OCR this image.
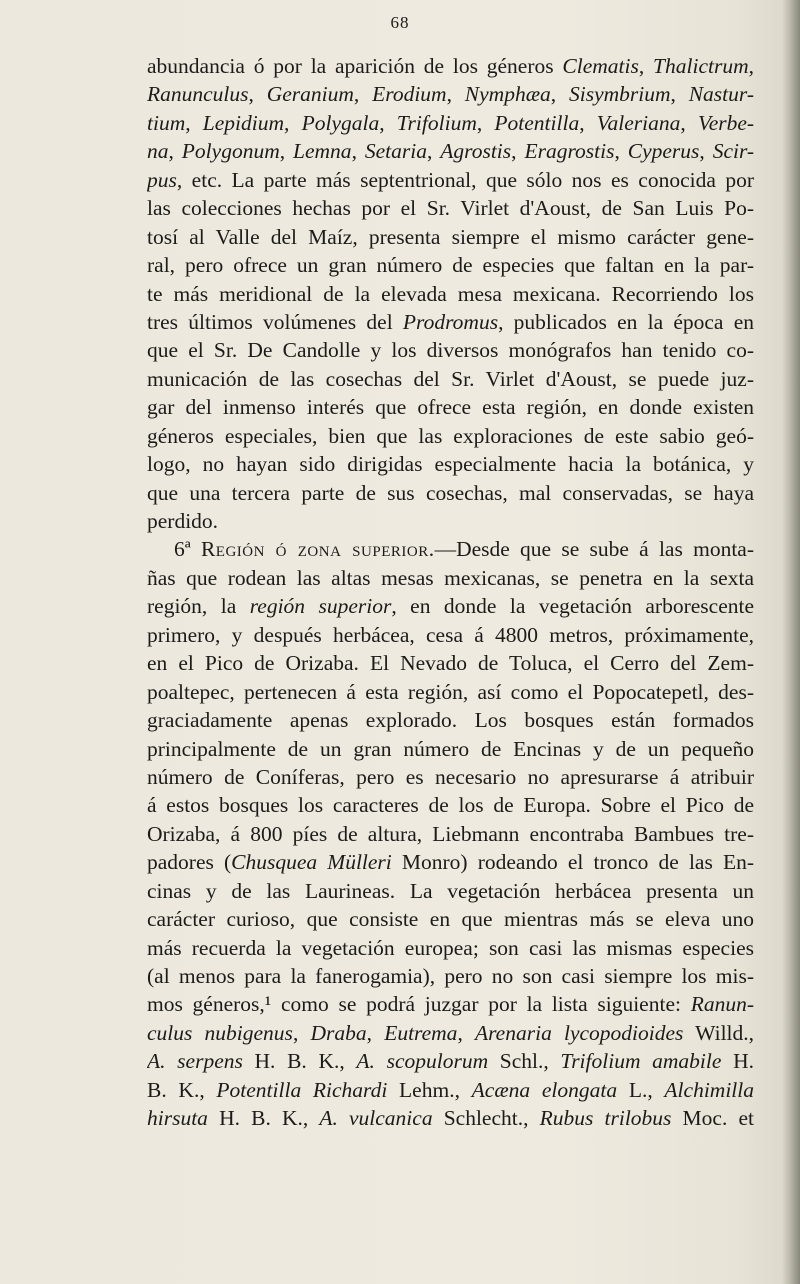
68
abundancia ó por la aparición de los géneros Clematis, Thalictrum,
Ranunculus, Geranium, Erodium, Nymphæa, Sisymbrium, Nastur-
tium, Lepidium, Polygala, Trifolium, Potentilla, Valeriana, Verbe-
na, Polygonum, Lemna, Setaria, Agrostis, Eragrostis, Cyperus, Scir-
pus, etc. La parte más septentrional, que sólo nos es conocida por
las colecciones hechas por el Sr. Virlet d'Aoust, de San Luis Po-
tosí al Valle del Maíz, presenta siempre el mismo carácter gene-
ral, pero ofrece un gran número de especies que faltan en la par-
te más meridional de la elevada mesa mexicana. Recorriendo los
tres últimos volúmenes del Prodromus, publicados en la época en
que el Sr. De Candolle y los diversos monógrafos han tenido co-
municación de las cosechas del Sr. Virlet d'Aoust, se puede juz-
gar del inmenso interés que ofrece esta región, en donde existen
géneros especiales, bien que las exploraciones de este sabio geó-
logo, no hayan sido dirigidas especialmente hacia la botánica, y
que una tercera parte de sus cosechas, mal conservadas, se haya
perdido.
6ª Región ó zona superior.—Desde que se sube á las monta-
ñas que rodean las altas mesas mexicanas, se penetra en la sexta
región, la región superior, en donde la vegetación arborescente
primero, y después herbácea, cesa á 4800 metros, próximamente,
en el Pico de Orizaba. El Nevado de Toluca, el Cerro del Zem-
poaltepec, pertenecen á esta región, así como el Popocatepetl, des-
graciadamente apenas explorado. Los bosques están formados
principalmente de un gran número de Encinas y de un pequeño
número de Coníferas, pero es necesario no apresurarse á atribuir
á estos bosques los caracteres de los de Europa. Sobre el Pico de
Orizaba, á 800 píes de altura, Liebmann encontraba Bambues tre-
padores (Chusquea Mülleri Monro) rodeando el tronco de las En-
cinas y de las Laurineas. La vegetación herbácea presenta un
carácter curioso, que consiste en que mientras más se eleva uno
más recuerda la vegetación europea; son casi las mismas especies
(al menos para la fanerogamia), pero no son casi siempre los mis-
mos géneros,¹ como se podrá juzgar por la lista siguiente: Ranun-
culus nubigenus, Draba, Eutrema, Arenaria lycopodioides Willd.,
A. serpens H. B. K., A. scopulorum Schl., Trifolium amabile H.
B. K., Potentilla Richardi Lehm., Acæna elongata L., Alchimilla
hirsuta H. B. K., A. vulcanica Schlecht., Rubus trilobus Moc. et
